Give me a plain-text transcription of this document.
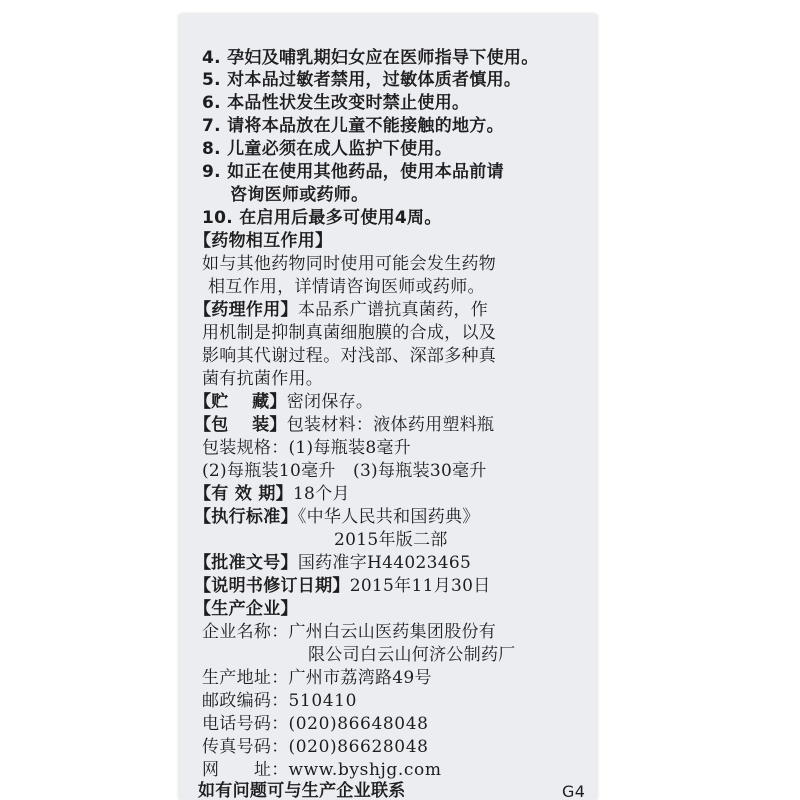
4. 孕妇及哺乳期妇女应在医师指导下使用。
5. 对本品过敏者禁用，过敏体质者慎用。
6. 本品性状发生改变时禁止使用。
7. 请将本品放在儿童不能接触的地方。
8. 儿童必须在成人监护下使用。
9. 如正在使用其他药品，使用本品前请
咨询医师或药师。
10. 在启用后最多可使用4周。
【药物相互作用】
如与其他药物同时使用可能会发生药物
相互作用，详情请咨询医师或药师。
【药理作用】本品系广谱抗真菌药，作
用机制是抑制真菌细胞膜的合成，以及
影响其代谢过程。对浅部、深部多种真
菌有抗菌作用。
【贮　 藏】密闭保存。
【包　 装】包装材料：液体药用塑料瓶
包装规格：(1)每瓶装8毫升
(2)每瓶装10毫升　(3)每瓶装30毫升
【有 效 期】18个月
【执行标准】《中华人民共和国药典》
2015年版二部
【批准文号】国药准字H44023465
【说明书修订日期】2015年11月30日
【生产企业】
企业名称：广州白云山医药集团股份有
限公司白云山何济公制药厂
生产地址：广州市荔湾路49号
邮政编码：510410
电话号码：(020)86648048
传真号码：(020)86628048
网　　址：www.byshjg.com
如有问题可与生产企业联系	G4
